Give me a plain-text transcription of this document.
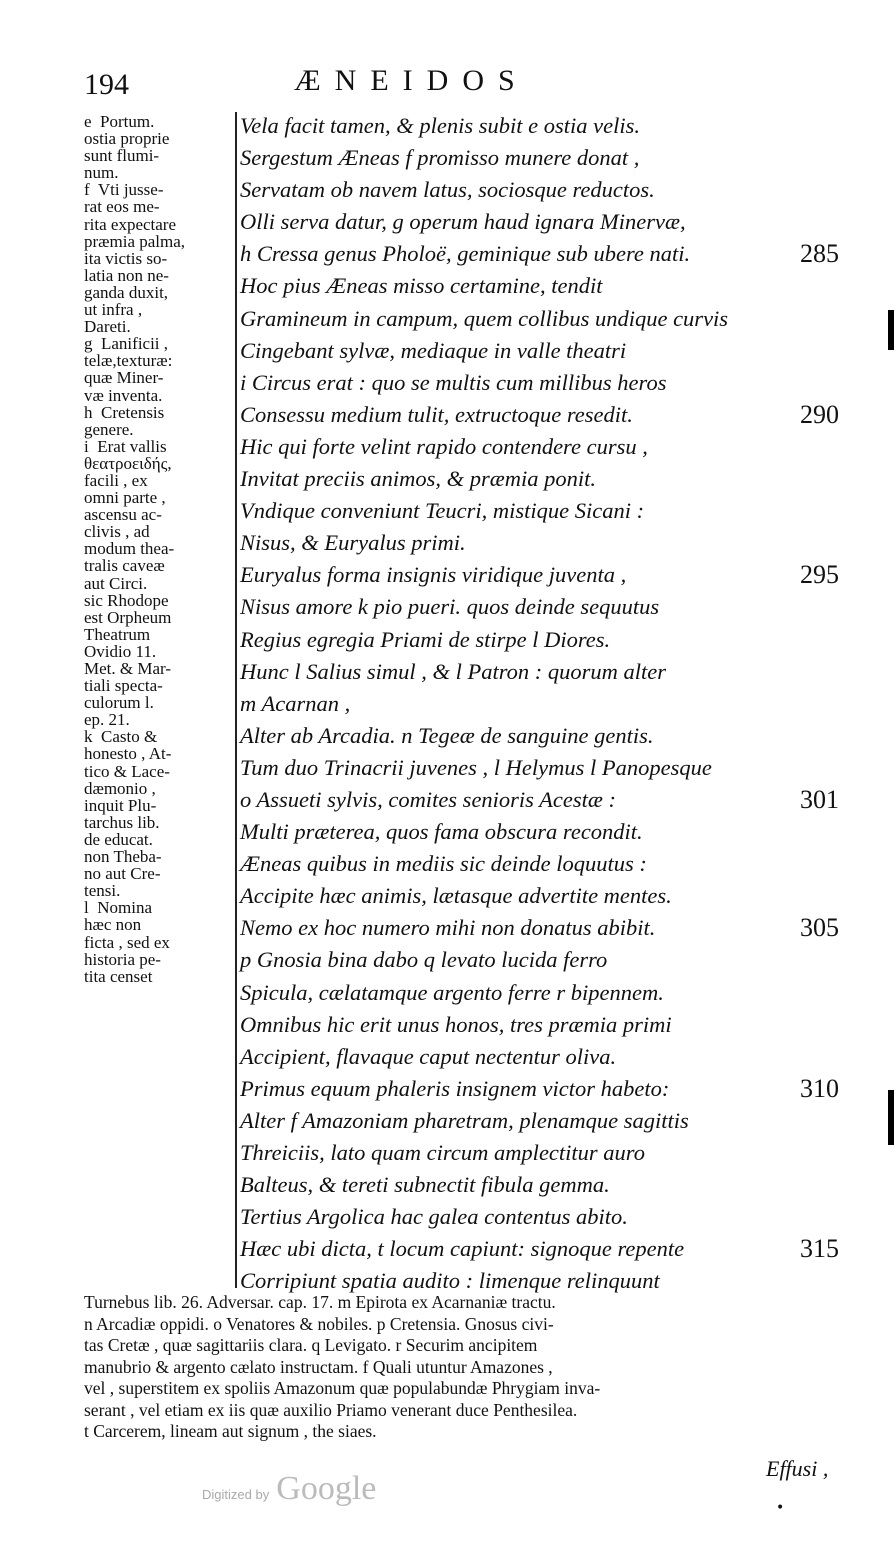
194	ÆNEIDOS
e  Portum.
ostia proprie
sunt flumi-
num.
f  Vti jusse-
rat eos me-
rita expectare
præmia palma,
ita victis so-
latia non ne-
ganda duxit,
ut infra ,
Dareti.
g  Lanificii ,
telæ,texturæ:
quæ Miner-
væ inventa.
h  Cretensis
genere.
i  Erat vallis
θεατροειδής,
facili , ex
omni parte ,
ascensu ac-
clivis , ad
modum thea-
tralis caveæ
aut Circi.
sic Rhodope
est Orpheum
Theatrum
Ovidio 11.
Met. & Mar-
tiali specta-
culorum l.
ep. 21.
k  Casto &
honesto , At-
tico & Lace-
dæmonio ,
inquit Plu-
tarchus lib.
de educat.
non Theba-
no aut Cre-
tensi.
l  Nomina
hæc non
ficta , sed ex
historia pe-
tita censet
Vela facit tamen, & plenis subit e ostia velis.
Sergestum Æneas f promisso munere donat ,
Servatam ob navem latus, sociosque reductos.
Olli serva datur, g operum haud ignara Minervæ,
h Cressa genus Pholoë, geminique sub ubere nati.	285
Hoc pius Æneas misso certamine, tendit
Gramineum in campum, quem collibus undique curvis
Cingebant sylvæ, mediaque in valle theatri
i Circus erat : quo se multis cum millibus heros
Consessu medium tulit, extructoque resedit.	290
Hic qui forte velint rapido contendere cursu ,
Invitat preciis animos, & præmia ponit.
Vndique conveniunt Teucri, mistique Sicani :
Nisus, & Euryalus primi.
Euryalus forma insignis viridique juventa ,	295
Nisus amore k pio pueri. quos deinde sequutus
Regius egregia Priami de stirpe l Diores.
Hunc l Salius simul , & l Patron : quorum alter
m Acarnan ,
Alter ab Arcadia. n Tegeæ de sanguine gentis.
Tum duo Trinacrii juvenes , l Helymus l Panopesque
o Assueti sylvis, comites senioris Acestæ :	301
Multi præterea, quos fama obscura recondit.
Æneas quibus in mediis sic deinde loquutus :
Accipite hæc animis, lætasque advertite mentes.
Nemo ex hoc numero mihi non donatus abibit.	305
p Gnosia bina dabo q levato lucida ferro
Spicula, cælatamque argento ferre r bipennem.
Omnibus hic erit unus honos, tres præmia primi
Accipient, flavaque caput nectentur oliva.
Primus equum phaleris insignem victor habeto:	310
Alter f Amazoniam pharetram, plenamque sagittis
Threiciis, lato quam circum amplectitur auro
Balteus, & tereti subnectit fibula gemma.
Tertius Argolica hac galea contentus abito.
Hæc ubi dicta, t locum capiunt: signoque repente	315
Corripiunt spatia audito : limenque relinquunt
Turnebus lib. 26. Adversar. cap. 17. m Epirota ex Acarnaniæ tractu.
n Arcadiæ oppidi. o Venatores & nobiles. p Cretensia. Gnosus civi-
tas Cretæ , quæ sagittariis clara. q Levigato. r Securim ancipitem
manubrio & argento cælato instructam. f Quali utuntur Amazones ,
vel , superstitem ex spoliis Amazonum quæ populabundæ Phrygiam inva-
serant , vel etiam ex iis quæ auxilio Priamo venerant duce Penthesilea.
t Carcerem, lineam aut signum , the siaes.
Effusi ,
Digitized by Google
•
